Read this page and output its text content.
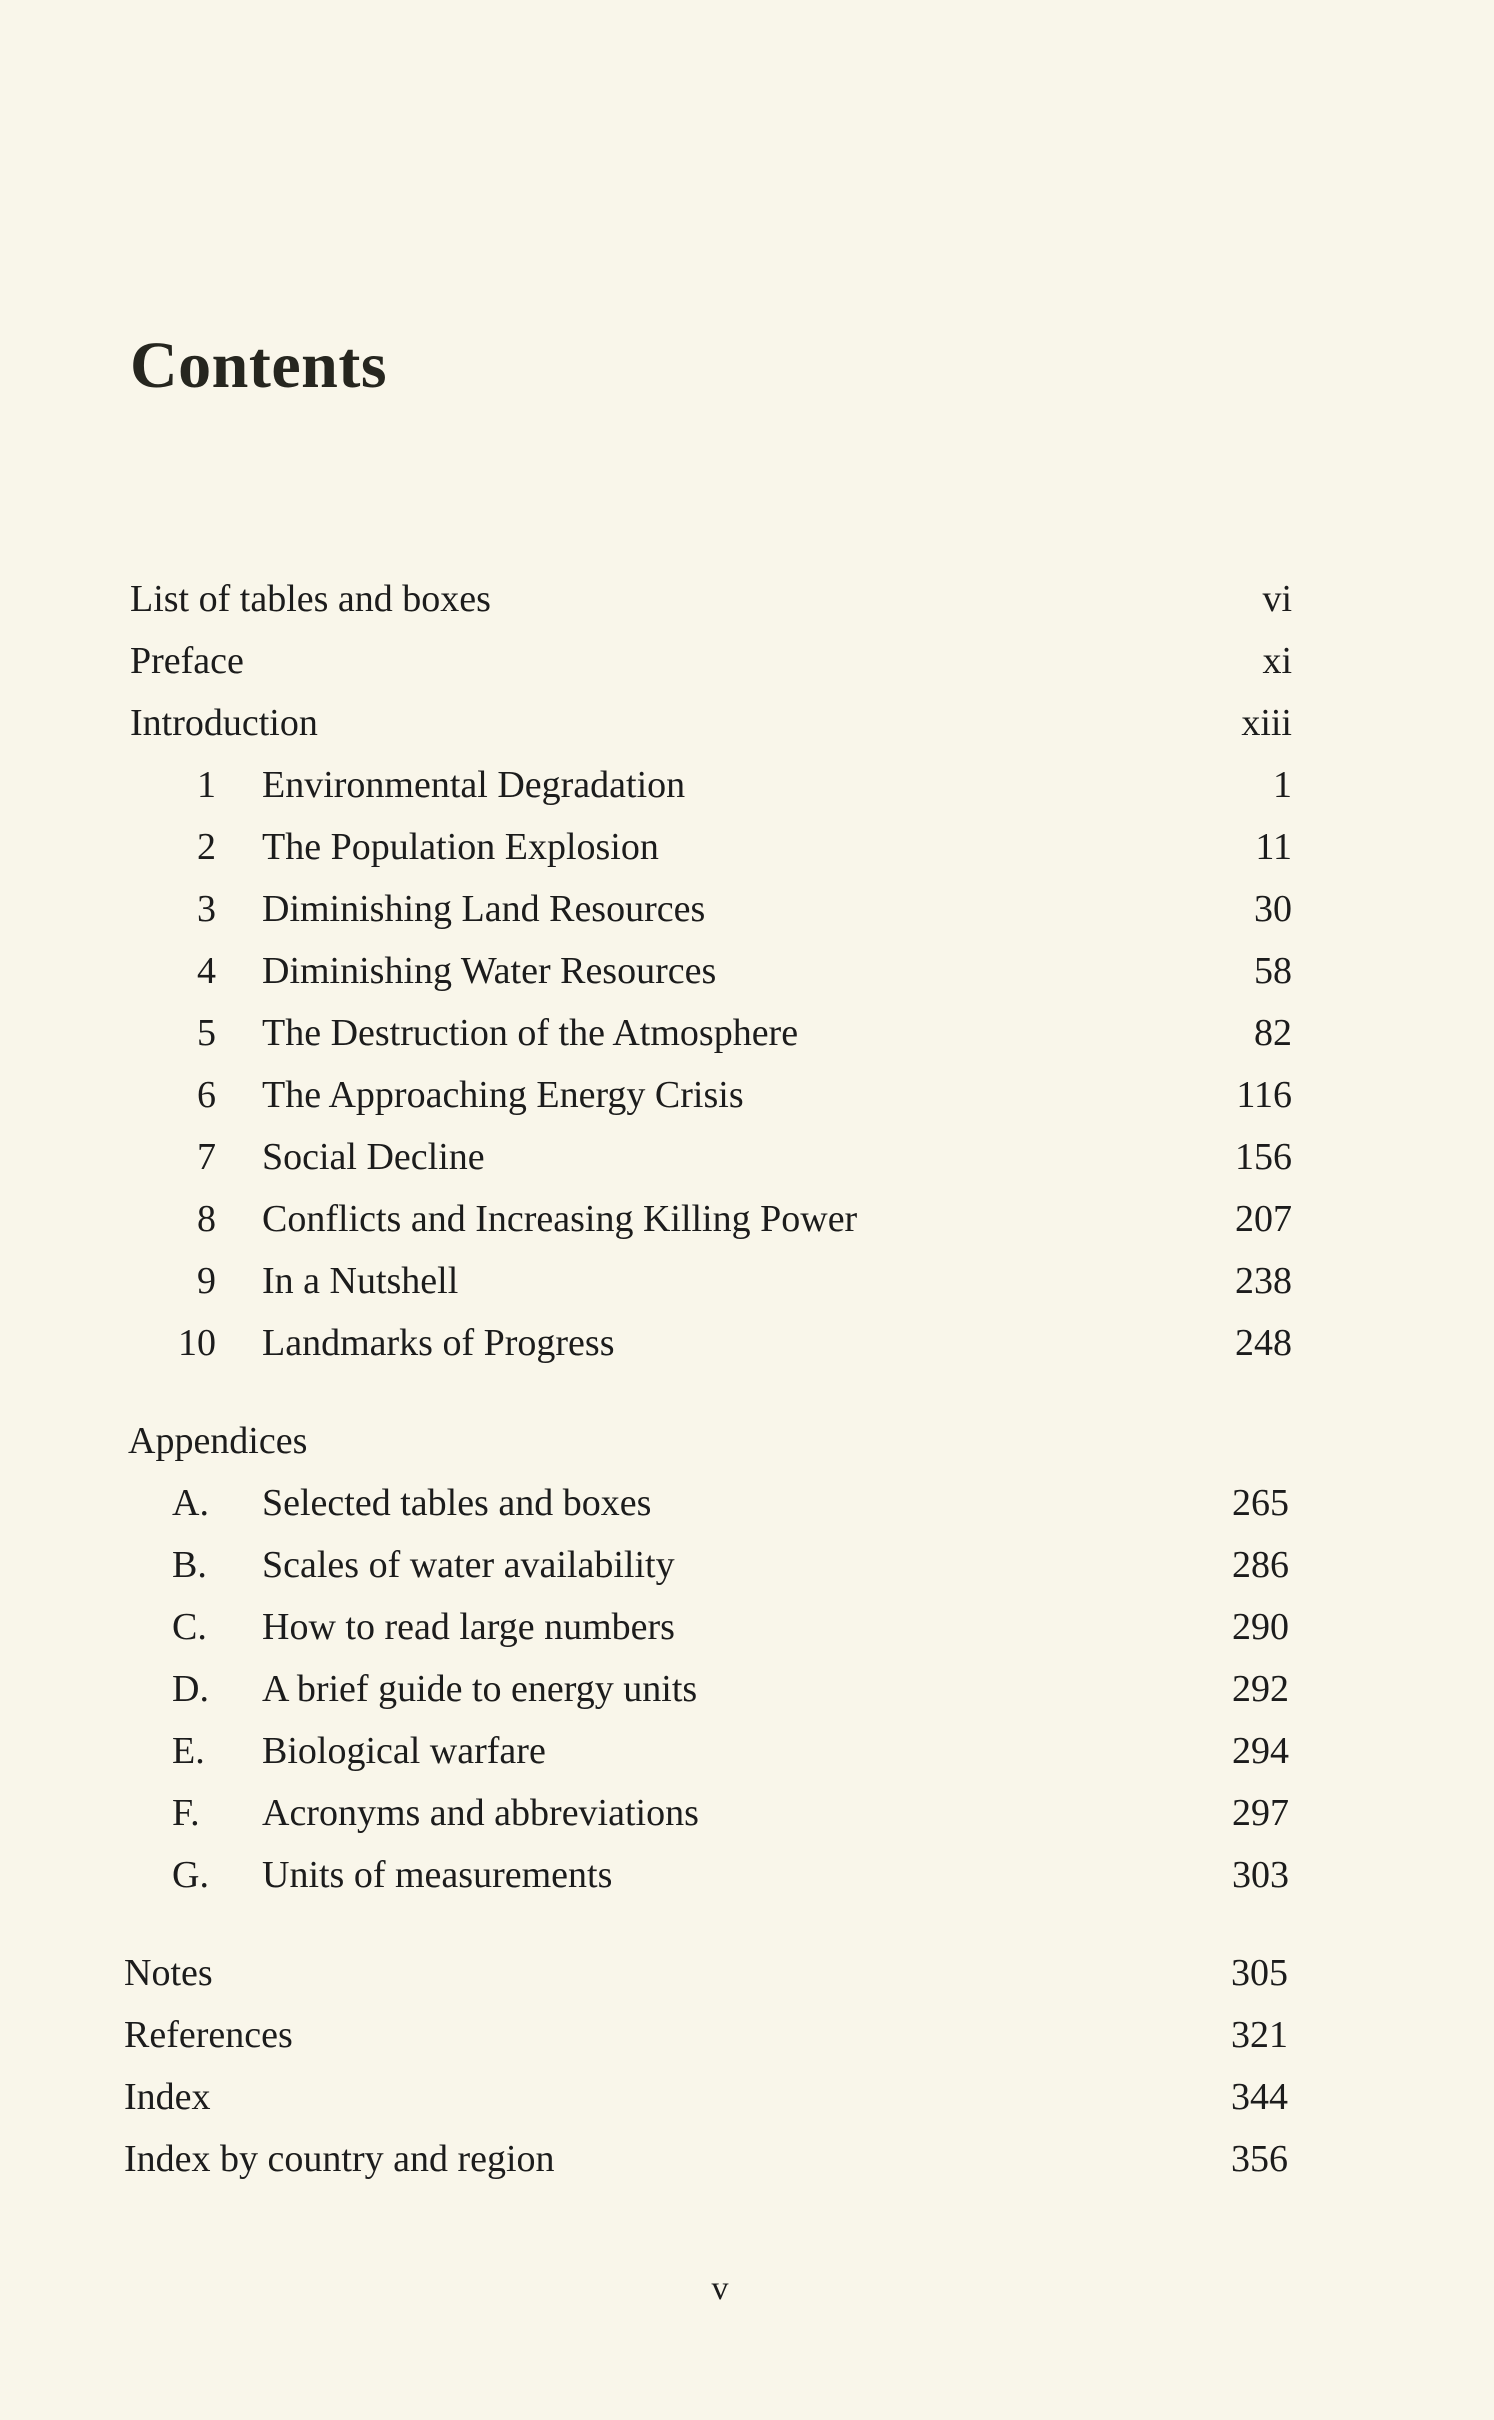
Contents
List of tables and boxes	vi
Preface	xi
Introduction	xiii
1 Environmental Degradation	1
2 The Population Explosion	11
3 Diminishing Land Resources	30
4 Diminishing Water Resources	58
5 The Destruction of the Atmosphere	82
6 The Approaching Energy Crisis	116
7 Social Decline	156
8 Conflicts and Increasing Killing Power	207
9 In a Nutshell	238
10 Landmarks of Progress	248
Appendices
A. Selected tables and boxes	265
B. Scales of water availability	286
C. How to read large numbers	290
D. A brief guide to energy units	292
E. Biological warfare	294
F. Acronyms and abbreviations	297
G. Units of measurements	303
Notes	305
References	321
Index	344
Index by country and region	356
v
